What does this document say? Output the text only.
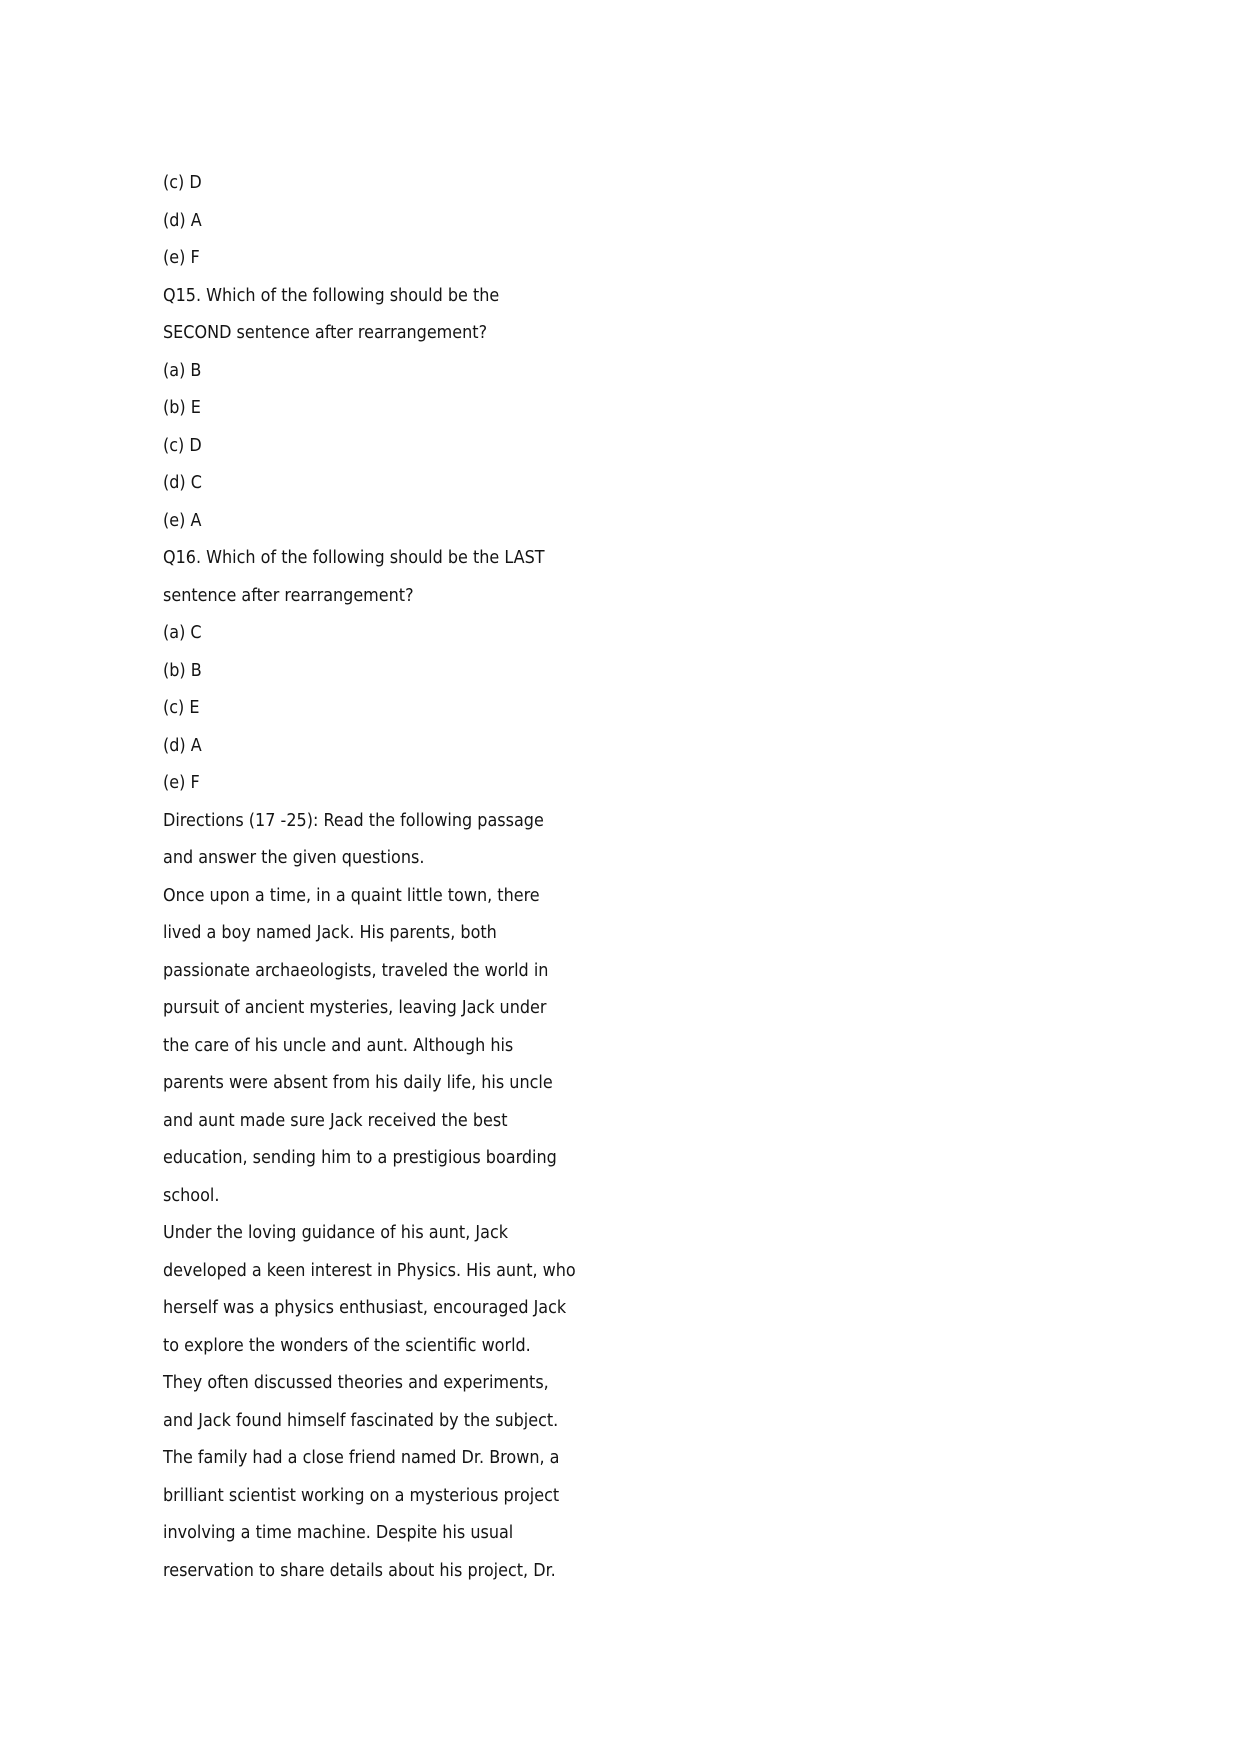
(c) D
(d) A
(e) F
Q15. Which of the following should be the
SECOND sentence after rearrangement?
(a) B
(b) E
(c) D
(d) C
(e) A
Q16. Which of the following should be the LAST
sentence after rearrangement?
(a) C
(b) B
(c) E
(d) A
(e) F
Directions (17 -25): Read the following passage
and answer the given questions.
Once upon a time, in a quaint little town, there
lived a boy named Jack. His parents, both
passionate archaeologists, traveled the world in
pursuit of ancient mysteries, leaving Jack under
the care of his uncle and aunt. Although his
parents were absent from his daily life, his uncle
and aunt made sure Jack received the best
education, sending him to a prestigious boarding
school.
Under the loving guidance of his aunt, Jack
developed a keen interest in Physics. His aunt, who
herself was a physics enthusiast, encouraged Jack
to explore the wonders of the scientific world.
They often discussed theories and experiments,
and Jack found himself fascinated by the subject.
The family had a close friend named Dr. Brown, a
brilliant scientist working on a mysterious project
involving a time machine. Despite his usual
reservation to share details about his project, Dr.
